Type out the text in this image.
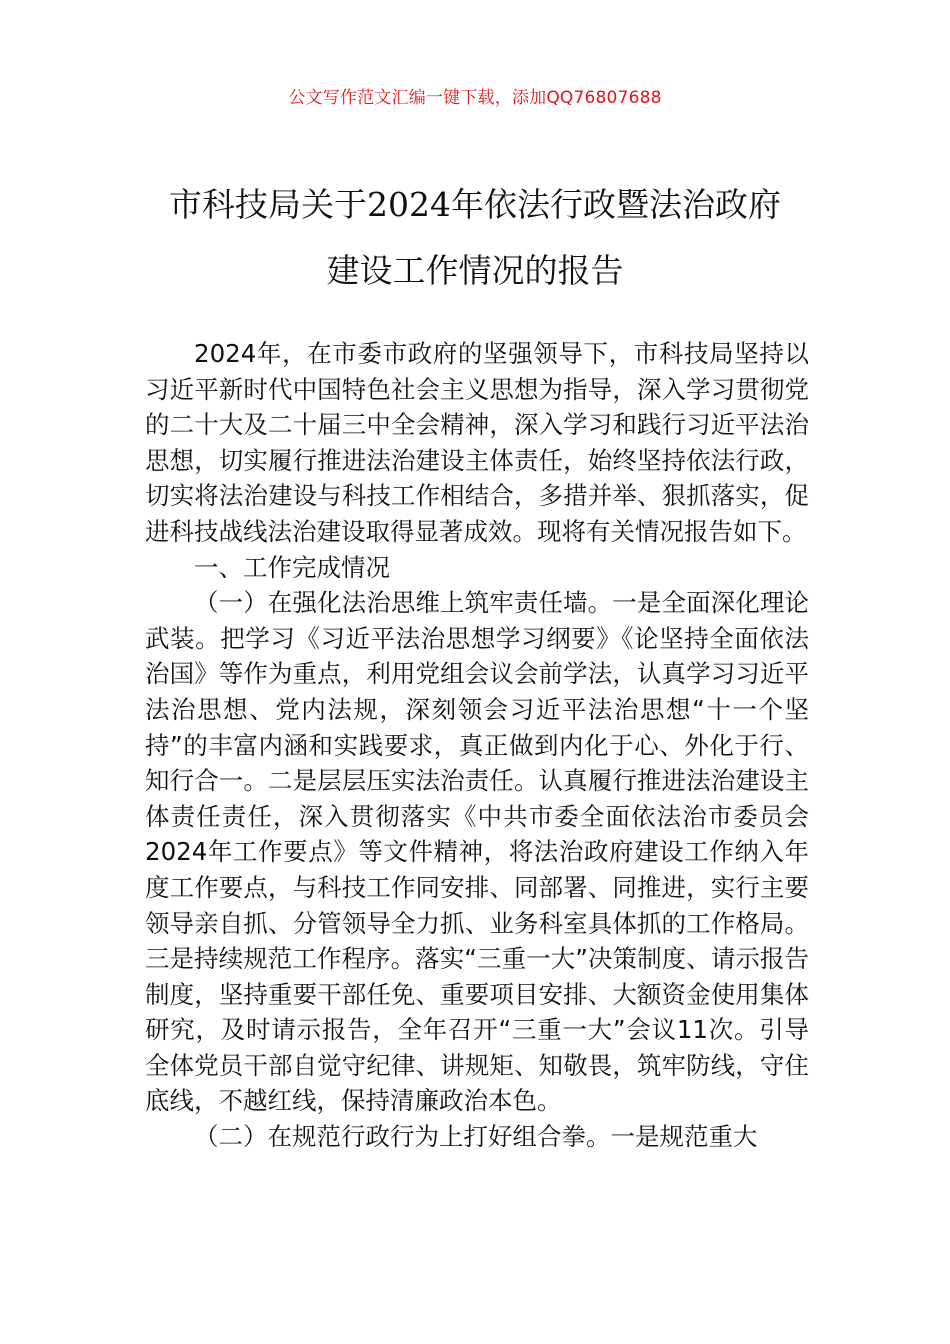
公文写作范文汇编一键下载，添加QQ76807688
市科技局关于2024年依法行政暨法治政府
建设工作情况的报告

2024年，在市委市政府的坚强领导下，市科技局坚持以习近平新时代中国特色社会主义思想为指导，深入学习贯彻党的二十大及二十届三中全会精神，深入学习和践行习近平法治思想，切实履行推进法治建设主体责任，始终坚持依法行政，切实将法治建设与科技工作相结合，多措并举、狠抓落实，促进科技战线法治建设取得显著成效。现将有关情况报告如下。

一、工作完成情况

（一）在强化法治思维上筑牢责任墙。一是全面深化理论武装。把学习《习近平法治思想学习纲要》《论坚持全面依法治国》等作为重点，利用党组会议会前学法，认真学习习近平法治思想、党内法规，深刻领会习近平法治思想“十一个坚持”的丰富内涵和实践要求，真正做到内化于心、外化于行、知行合一。二是层层压实法治责任。认真履行推进法治建设主体责任责任，深入贯彻落实《中共市委全面依法治市委员会2024年工作要点》等文件精神，将法治政府建设工作纳入年度工作要点，与科技工作同安排、同部署、同推进，实行主要领导亲自抓、分管领导全力抓、业务科室具体抓的工作格局。三是持续规范工作程序。落实“三重一大”决策制度、请示报告制度，坚持重要干部任免、重要项目安排、大额资金使用集体研究，及时请示报告，全年召开“三重一大”会议11次。引导全体党员干部自觉守纪律、讲规矩、知敬畏，筑牢防线，守住底线，不越红线，保持清廉政治本色。

（二）在规范行政行为上打好组合拳。一是规范重大
